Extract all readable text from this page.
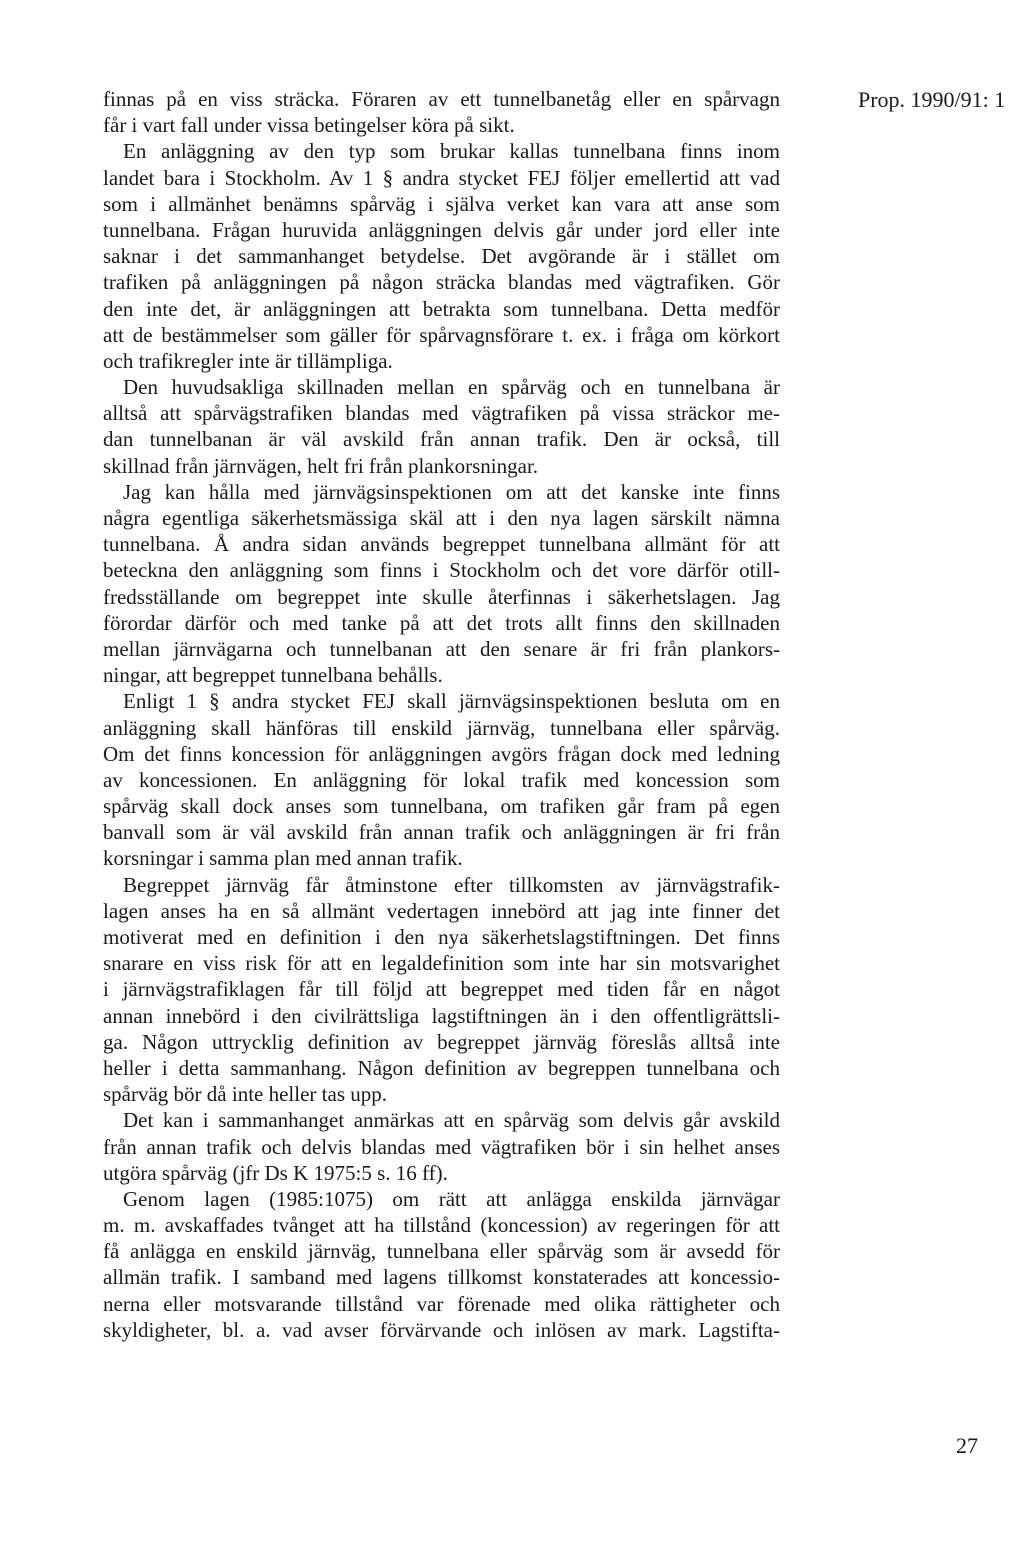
Prop. 1990/91: 1
finnas på en viss sträcka. Föraren av ett tunnelbanetåg eller en spårvagn
får i vart fall under vissa betingelser köra på sikt.
En anläggning av den typ som brukar kallas tunnelbana finns inom
landet bara i Stockholm. Av 1 § andra stycket FEJ följer emellertid att vad
som i allmänhet benämns spårväg i själva verket kan vara att anse som
tunnelbana. Frågan huruvida anläggningen delvis går under jord eller inte
saknar i det sammanhanget betydelse. Det avgörande är i stället om
trafiken på anläggningen på någon sträcka blandas med vägtrafiken. Gör
den inte det, är anläggningen att betrakta som tunnelbana. Detta medför
att de bestämmelser som gäller för spårvagnsförare t. ex. i fråga om körkort
och trafikregler inte är tillämpliga.
Den huvudsakliga skillnaden mellan en spårväg och en tunnelbana är
alltså att spårvägstrafiken blandas med vägtrafiken på vissa sträckor me-
dan tunnelbanan är väl avskild från annan trafik. Den är också, till
skillnad från järnvägen, helt fri från plankorsningar.
Jag kan hålla med järnvägsinspektionen om att det kanske inte finns
några egentliga säkerhetsmässiga skäl att i den nya lagen särskilt nämna
tunnelbana. Å andra sidan används begreppet tunnelbana allmänt för att
beteckna den anläggning som finns i Stockholm och det vore därför otill-
fredsställande om begreppet inte skulle återfinnas i säkerhetslagen. Jag
förordar därför och med tanke på att det trots allt finns den skillnaden
mellan järnvägarna och tunnelbanan att den senare är fri från plankors-
ningar, att begreppet tunnelbana behålls.
Enligt 1 § andra stycket FEJ skall järnvägsinspektionen besluta om en
anläggning skall hänföras till enskild järnväg, tunnelbana eller spårväg.
Om det finns koncession för anläggningen avgörs frågan dock med ledning
av koncessionen. En anläggning för lokal trafik med koncession som
spårväg skall dock anses som tunnelbana, om trafiken går fram på egen
banvall som är väl avskild från annan trafik och anläggningen är fri från
korsningar i samma plan med annan trafik.
Begreppet järnväg får åtminstone efter tillkomsten av järnvägstrafik-
lagen anses ha en så allmänt vedertagen innebörd att jag inte finner det
motiverat med en definition i den nya säkerhetslagstiftningen. Det finns
snarare en viss risk för att en legaldefinition som inte har sin motsvarighet
i järnvägstrafiklagen får till följd att begreppet med tiden får en något
annan innebörd i den civilrättsliga lagstiftningen än i den offentligrättsli-
ga. Någon uttrycklig definition av begreppet järnväg föreslås alltså inte
heller i detta sammanhang. Någon definition av begreppen tunnelbana och
spårväg bör då inte heller tas upp.
Det kan i sammanhanget anmärkas att en spårväg som delvis går avskild
från annan trafik och delvis blandas med vägtrafiken bör i sin helhet anses
utgöra spårväg (jfr Ds K 1975:5 s. 16 ff).
Genom lagen (1985:1075) om rätt att anlägga enskilda järnvägar
m. m. avskaffades tvånget att ha tillstånd (koncession) av regeringen för att
få anlägga en enskild järnväg, tunnelbana eller spårväg som är avsedd för
allmän trafik. I samband med lagens tillkomst konstaterades att koncessio-
nerna eller motsvarande tillstånd var förenade med olika rättigheter och
skyldigheter, bl. a. vad avser förvärvande och inlösen av mark. Lagstifta-
27
